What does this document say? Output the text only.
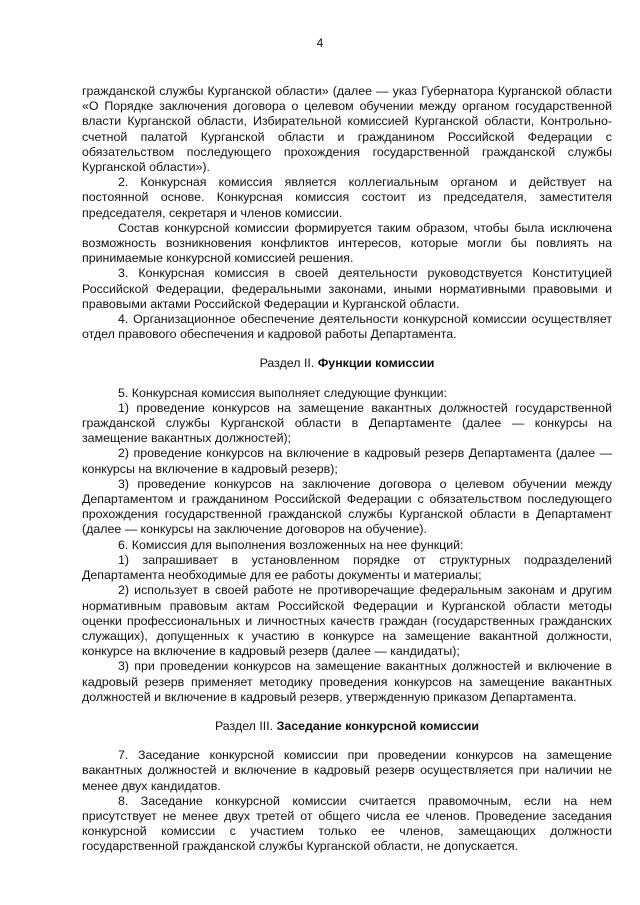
4

гражданской службы Курганской области» (далее — указ Губернатора Курганской области «О Порядке заключения договора о целевом обучении между органом государственной власти Курганской области, Избирательной комиссией Курганской области, Контрольно-счетной палатой Курганской области и гражданином Российской Федерации с обязательством последующего прохождения государственной гражданской службы Курганской области»).

2. Конкурсная комиссия является коллегиальным органом и действует на постоянной основе. Конкурсная комиссия состоит из председателя, заместителя председателя, секретаря и членов комиссии.

Состав конкурсной комиссии формируется таким образом, чтобы была исключена возможность возникновения конфликтов интересов, которые могли бы повлиять на принимаемые конкурсной комиссией решения.

3. Конкурсная комиссия в своей деятельности руководствуется Конституцией Российской Федерации, федеральными законами, иными нормативными правовыми и правовыми актами Российской Федерации и Курганской области.

4. Организационное обеспечение деятельности конкурсной комиссии осуществляет отдел правового обеспечения и кадровой работы Департамента.

Раздел II. Функции комиссии

5. Конкурсная комиссия выполняет следующие функции:

1) проведение конкурсов на замещение вакантных должностей государственной гражданской службы Курганской области в Департаменте (далее — конкурсы на замещение вакантных должностей);

2) проведение конкурсов на включение в кадровый резерв Департамента (далее — конкурсы на включение в кадровый резерв);

3) проведение конкурсов на заключение договора о целевом обучении между Департаментом и гражданином Российской Федерации с обязательством последующего прохождения государственной гражданской службы Курганской области в Департамент (далее — конкурсы на заключение договоров на обучение).

6. Комиссия для выполнения возложенных на нее функций:

1) запрашивает в установленном порядке от структурных подразделений Департамента необходимые для ее работы документы и материалы;

2) использует в своей работе не противоречащие федеральным законам и другим нормативным правовым актам Российской Федерации и Курганской области методы оценки профессиональных и личностных качеств граждан (государственных гражданских служащих), допущенных к участию в конкурсе на замещение вакантной должности, конкурсе на включение в кадровый резерв (далее — кандидаты);

3) при проведении конкурсов на замещение вакантных должностей и включение в кадровый резерв применяет методику проведения конкурсов на замещение вакантных должностей и включение в кадровый резерв, утвержденную приказом Департамента.

Раздел III. Заседание конкурсной комиссии

7. Заседание конкурсной комиссии при проведении конкурсов на замещение вакантных должностей и включение в кадровый резерв осуществляется при наличии не менее двух кандидатов.

8. Заседание конкурсной комиссии считается правомочным, если на нем присутствует не менее двух третей от общего числа ее членов. Проведение заседания конкурсной комиссии с участием только ее членов, замещающих должности государственной гражданской службы Курганской области, не допускается.
